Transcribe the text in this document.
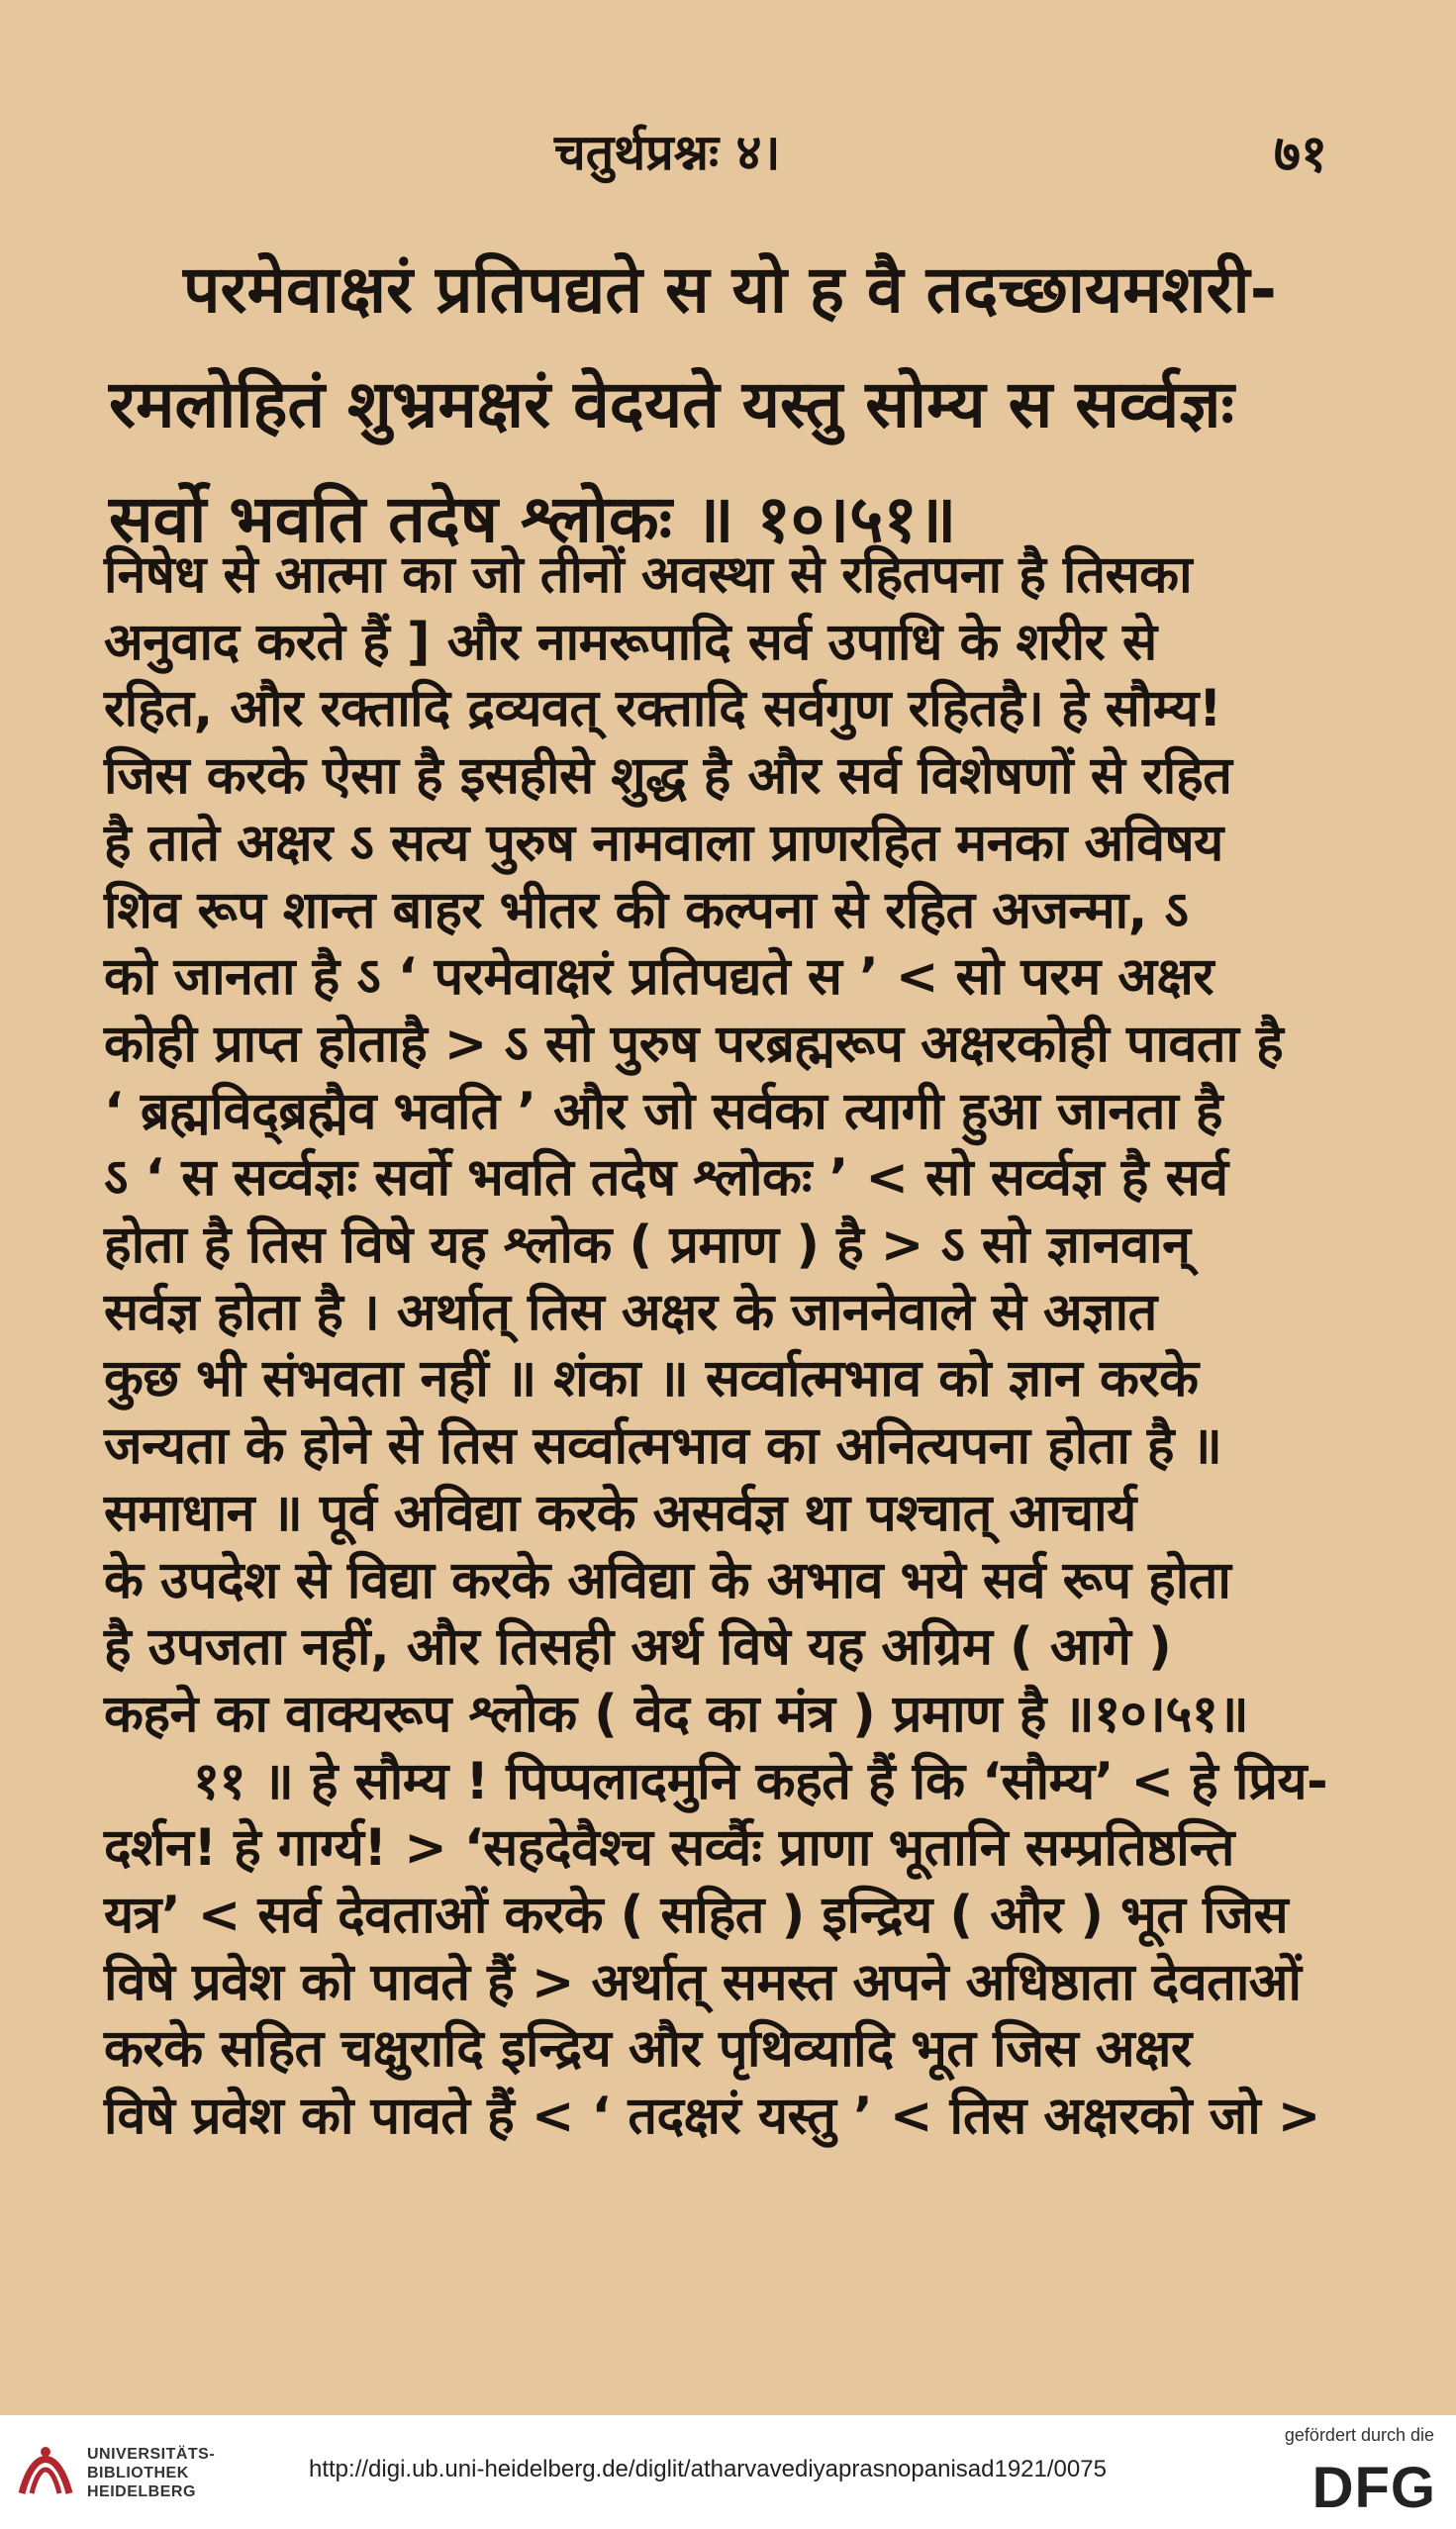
चतुर्थप्रश्नः ४।	७१
परमेवाक्षरं प्रतिपद्यते स यो ह वै तदच्छायमशरी-
रमलोहितं शुभ्रमक्षरं वेदयते यस्तु सोम्य स सर्व्वज्ञः
सर्वो भवति तदेष श्लोकः ॥ १०।५१॥
निषेध से आत्मा का जो तीनों अवस्था से रहितपना है तिसका
अनुवाद करते हैं ] और नामरूपादि सर्व उपाधि के शरीर से
रहित, और रक्तादि द्रव्यवत् रक्तादि सर्वगुण रहितहै। हे सौम्य!
जिस करके ऐसा है इसहीसे शुद्ध है और सर्व विशेषणों से रहित
है ताते अक्षर ऽ सत्य पुरुष नामवाला प्राणरहित मनका अविषय
शिव रूप शान्त बाहर भीतर की कल्पना से रहित अजन्मा, ऽ
को जानता है ऽ ‘ परमेवाक्षरं प्रतिपद्यते स ’ < सो परम अक्षर
कोही प्राप्त होताहै > ऽ सो पुरुष परब्रह्मरूप अक्षरकोही पावता है
‘ ब्रह्मविद्ब्रह्मैव भवति ’ और जो सर्वका त्यागी हुआ जानता है
ऽ ‘ स सर्व्वज्ञः सर्वो भवति तदेष श्लोकः ’ < सो सर्व्वज्ञ है सर्व
होता है तिस विषे यह श्लोक ( प्रमाण ) है > ऽ सो ज्ञानवान्
सर्वज्ञ होता है । अर्थात् तिस अक्षर के जाननेवाले से अज्ञात
कुछ भी संभवता नहीं ॥ शंका ॥ सर्व्वात्मभाव को ज्ञान करके
जन्यता के होने से तिस सर्व्वात्मभाव का अनित्यपना होता है ॥
समाधान ॥ पूर्व अविद्या करके असर्वज्ञ था पश्चात् आचार्य
के उपदेश से विद्या करके अविद्या के अभाव भये सर्व रूप होता
है उपजता नहीं, और तिसही अर्थ विषे यह अग्रिम ( आगे )
कहने का वाक्यरूप श्लोक ( वेद का मंत्र ) प्रमाण है ॥१०।५१॥
११ ॥ हे सौम्य ! पिप्पलादमुनि कहते हैं कि ‘सौम्य’ < हे प्रिय-
दर्शन! हे गार्ग्य! > ‘सहदेवैश्च सर्व्वैः प्राणा भूतानि सम्प्रतिष्ठन्ति
यत्र’ < सर्व देवताओं करके ( सहित ) इन्द्रिय ( और ) भूत जिस
विषे प्रवेश को पावते हैं > अर्थात् समस्त अपने अधिष्ठाता देवताओं
करके सहित चक्षुरादि इन्द्रिय और पृथिव्यादि भूत जिस अक्षर
विषे प्रवेश को पावते हैं < ‘ तदक्षरं यस्तु ’ < तिस अक्षरको जो >
UNIVERSITÄTS-
BIBLIOTHEK
HEIDELBERG
http://digi.ub.uni-heidelberg.de/diglit/atharvavediyaprasnopanisad1921/0075
gefördert durch die
DFG
